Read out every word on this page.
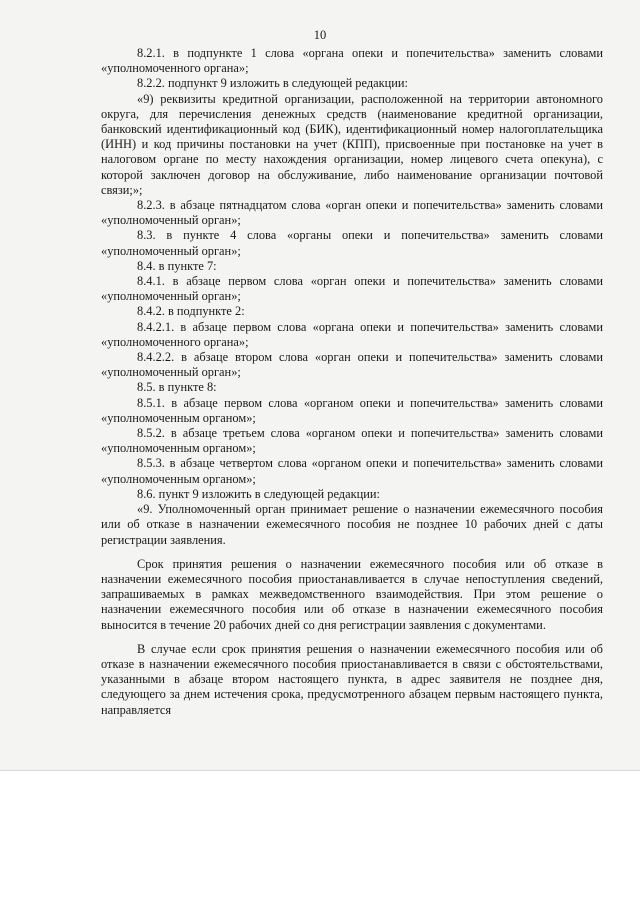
10

8.2.1. в подпункте 1 слова «органа опеки и попечительства» заменить словами «уполномоченного органа»;

8.2.2. подпункт 9 изложить в следующей редакции:

«9) реквизиты кредитной организации, расположенной на территории автономного округа, для перечисления денежных средств (наименование кредитной организации, банковский идентификационный код (БИК), идентификационный номер налогоплательщика (ИНН) и код причины постановки на учет (КПП), присвоенные при постановке на учет в налоговом органе по месту нахождения организации, номер лицевого счета опекуна), с которой заключен договор на обслуживание, либо наименование организации почтовой связи;»;

8.2.3. в абзаце пятнадцатом слова «орган опеки и попечительства» заменить словами «уполномоченный орган»;

8.3. в пункте 4 слова «органы опеки и попечительства» заменить словами «уполномоченный орган»;

8.4. в пункте 7:

8.4.1. в абзаце первом слова «орган опеки и попечительства» заменить словами «уполномоченный орган»;

8.4.2. в подпункте 2:

8.4.2.1. в абзаце первом слова «органа опеки и попечительства» заменить словами «уполномоченного органа»;

8.4.2.2. в абзаце втором слова «орган опеки и попечительства» заменить словами «уполномоченный орган»;

8.5. в пункте 8:

8.5.1. в абзаце первом слова «органом опеки и попечительства» заменить словами «уполномоченным органом»;

8.5.2. в абзаце третьем слова «органом опеки и попечительства» заменить словами «уполномоченным органом»;

8.5.3. в абзаце четвертом слова «органом опеки и попечительства» заменить словами «уполномоченным органом»;

8.6. пункт 9 изложить в следующей редакции:

«9. Уполномоченный орган принимает решение о назначении ежемесячного пособия или об отказе в назначении ежемесячного пособия не позднее 10 рабочих дней с даты регистрации заявления.

Срок принятия решения о назначении ежемесячного пособия или об отказе в назначении ежемесячного пособия приостанавливается в случае непоступления сведений, запрашиваемых в рамках межведомственного взаимодействия. При этом решение о назначении ежемесячного пособия или об отказе в назначении ежемесячного пособия выносится в течение 20 рабочих дней со дня регистрации заявления с документами.

В случае если срок принятия решения о назначении ежемесячного пособия или об отказе в назначении ежемесячного пособия приостанавливается в связи с обстоятельствами, указанными в абзаце втором настоящего пункта, в адрес заявителя не позднее дня, следующего за днем истечения срока, предусмотренного абзацем первым настоящего пункта, направляется
